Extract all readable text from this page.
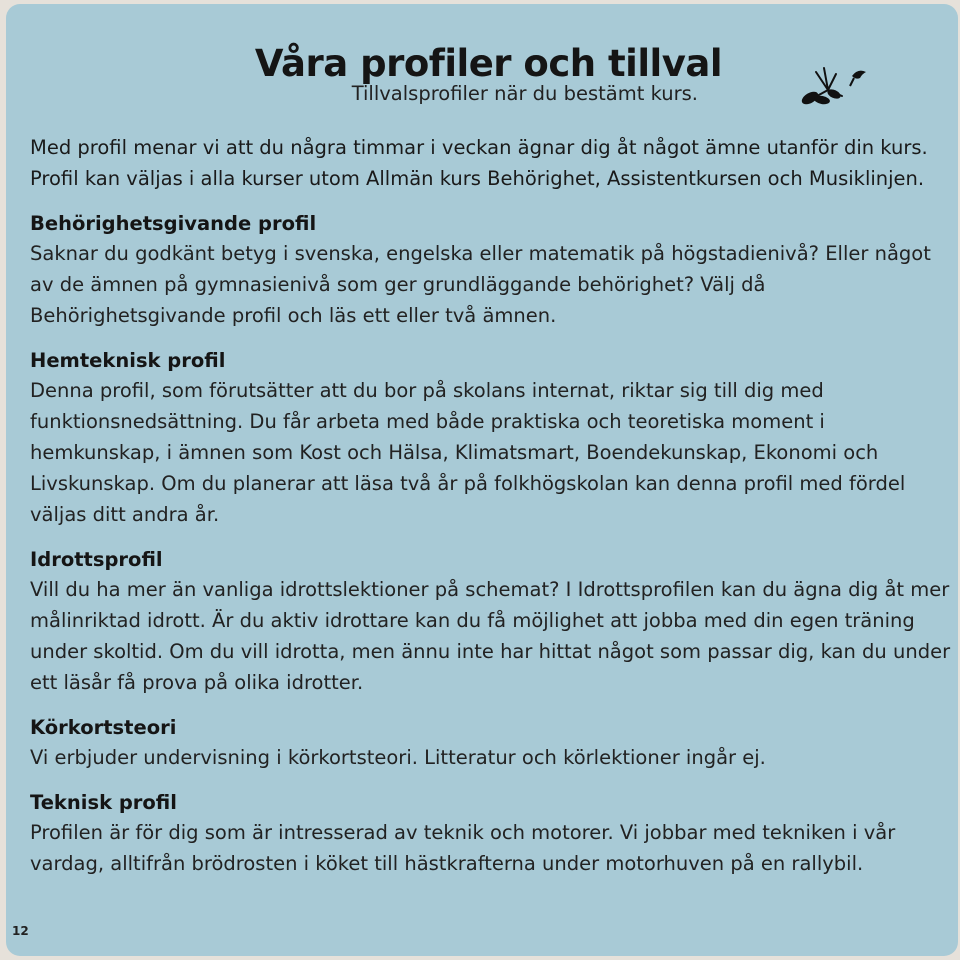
Våra profiler och tillval
Tillvalsprofiler när du bestämt kurs.

Med profil menar vi att du några timmar i veckan ägnar dig åt något ämne utanför din kurs. Profil kan väljas i alla kurser utom Allmän kurs Behörighet, Assistentkursen och Musiklinjen.

Behörighetsgivande profil

Saknar du godkänt betyg i svenska, engelska eller matematik på högstadienivå? Eller något av de ämnen på gymnasienivå som ger grundläggande behörighet? Välj då Behörighetsgivande profil och läs ett eller två ämnen.

Hemteknisk profil

Denna profil, som förutsätter att du bor på skolans internat, riktar sig till dig med funktionsnedsättning. Du får arbeta med både praktiska och teoretiska moment i hemkunskap, i ämnen som Kost och Hälsa, Klimatsmart, Boendekunskap, Ekonomi och Livskunskap. Om du planerar att läsa två år på folkhögskolan kan denna profil med fördel väljas ditt andra år.

Idrottsprofil

Vill du ha mer än vanliga idrottslektioner på schemat? I Idrottsprofilen kan du ägna dig åt mer målinriktad idrott. Är du aktiv idrottare kan du få möjlighet att jobba med din egen träning under skoltid. Om du vill idrotta, men ännu inte har hittat något som passar dig, kan du under ett läsår få prova på olika idrotter.

Körkortsteori

Vi erbjuder undervisning i körkortsteori. Litteratur och körlektioner ingår ej.

Teknisk profil

Profilen är för dig som är intresserad av teknik och motorer. Vi jobbar med tekniken i vår vardag, alltifrån brödrosten i köket till hästkrafterna under motorhuven på en rallybil.

12
